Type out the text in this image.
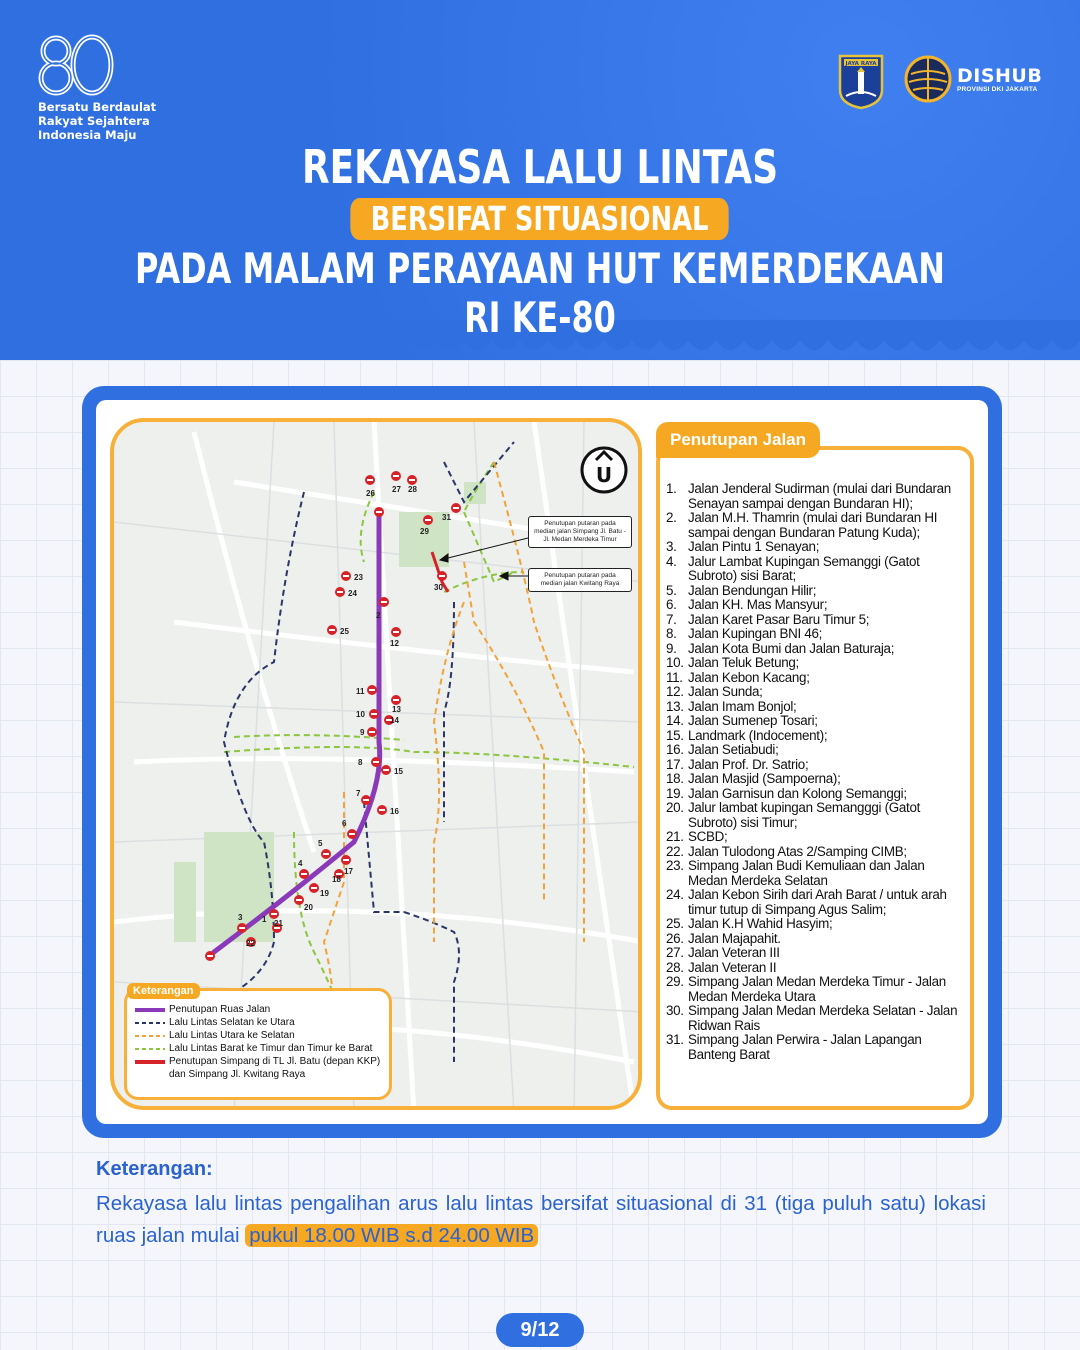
Bersatu Berdaulat
Rakyat Sejahtera
Indonesia Maju
JAYA RAYA
DISHUB
PROVINSI DKI JAKARTA
REKAYASA LALU LINTAS
BERSIFAT SITUASIONAL
PADA MALAM PERAYAAN HUT KEMERDEKAAN RI KE-80
1
2
3
4
5
6
7
8
9
10
11
12
13
14
15
16
17
18
19
20
21
22
23
24
25
26 27 28
29
30
31
Penutupan putaran pada median jalan Simpang Jl. Batu - Jl. Medan Merdeka Timur
Penutupan putaran pada median jalan Kwitang Raya
U
Keterangan
Penutupan Ruas Jalan
Lalu Lintas Selatan ke Utara
Lalu Lintas Utara ke Selatan
Lalu Lintas Barat ke Timur dan Timur ke Barat
Penutupan Simpang di TL Jl. Batu (depan KKP) dan Simpang Jl. Kwitang Raya
Penutupan Jalan
1. Jalan Jenderal Sudirman (mulai dari Bundaran Senayan sampai dengan Bundaran HI);
2. Jalan M.H. Thamrin (mulai dari Bundaran HI sampai dengan Bundaran Patung Kuda);
3. Jalan Pintu 1 Senayan;
4. Jalur Lambat Kupingan Semanggi (Gatot Subroto) sisi Barat;
5. Jalan Bendungan Hilir;
6. Jalan KH. Mas Mansyur;
7. Jalan Karet Pasar Baru Timur 5;
8. Jalan Kupingan BNI 46;
9. Jalan Kota Bumi dan Jalan Baturaja;
10. Jalan Teluk Betung;
11. Jalan Kebon Kacang;
12. Jalan Sunda;
13. Jalan Imam Bonjol;
14. Jalan Sumenep Tosari;
15. Landmark (Indocement);
16. Jalan Setiabudi;
17. Jalan Prof. Dr. Satrio;
18. Jalan Masjid (Sampoerna);
19. Jalan Garnisun dan Kolong Semanggi;
20. Jalur lambat kupingan Semangggi (Gatot Subroto) sisi Timur;
21. SCBD;
22. Jalan Tulodong Atas 2/Samping CIMB;
23. Simpang Jalan Budi Kemuliaan dan Jalan Medan Merdeka Selatan
24. Jalan Kebon Sirih dari Arah Barat / untuk arah timur tutup di Simpang Agus Salim;
25. Jalan K.H Wahid Hasyim;
26. Jalan Majapahit.
27. Jalan Veteran III
28. Jalan Veteran II
29. Simpang Jalan Medan Merdeka Timur - Jalan Medan Merdeka Utara
30. Simpang Jalan Medan Merdeka Selatan - Jalan Ridwan Rais
31. Simpang Jalan Perwira - Jalan Lapangan Banteng Barat
Keterangan:
Rekayasa lalu lintas pengalihan arus lalu lintas bersifat situasional di 31 (tiga puluh satu) lokasi ruas jalan mulai pukul 18.00 WIB s.d 24.00 WIB
9/12
